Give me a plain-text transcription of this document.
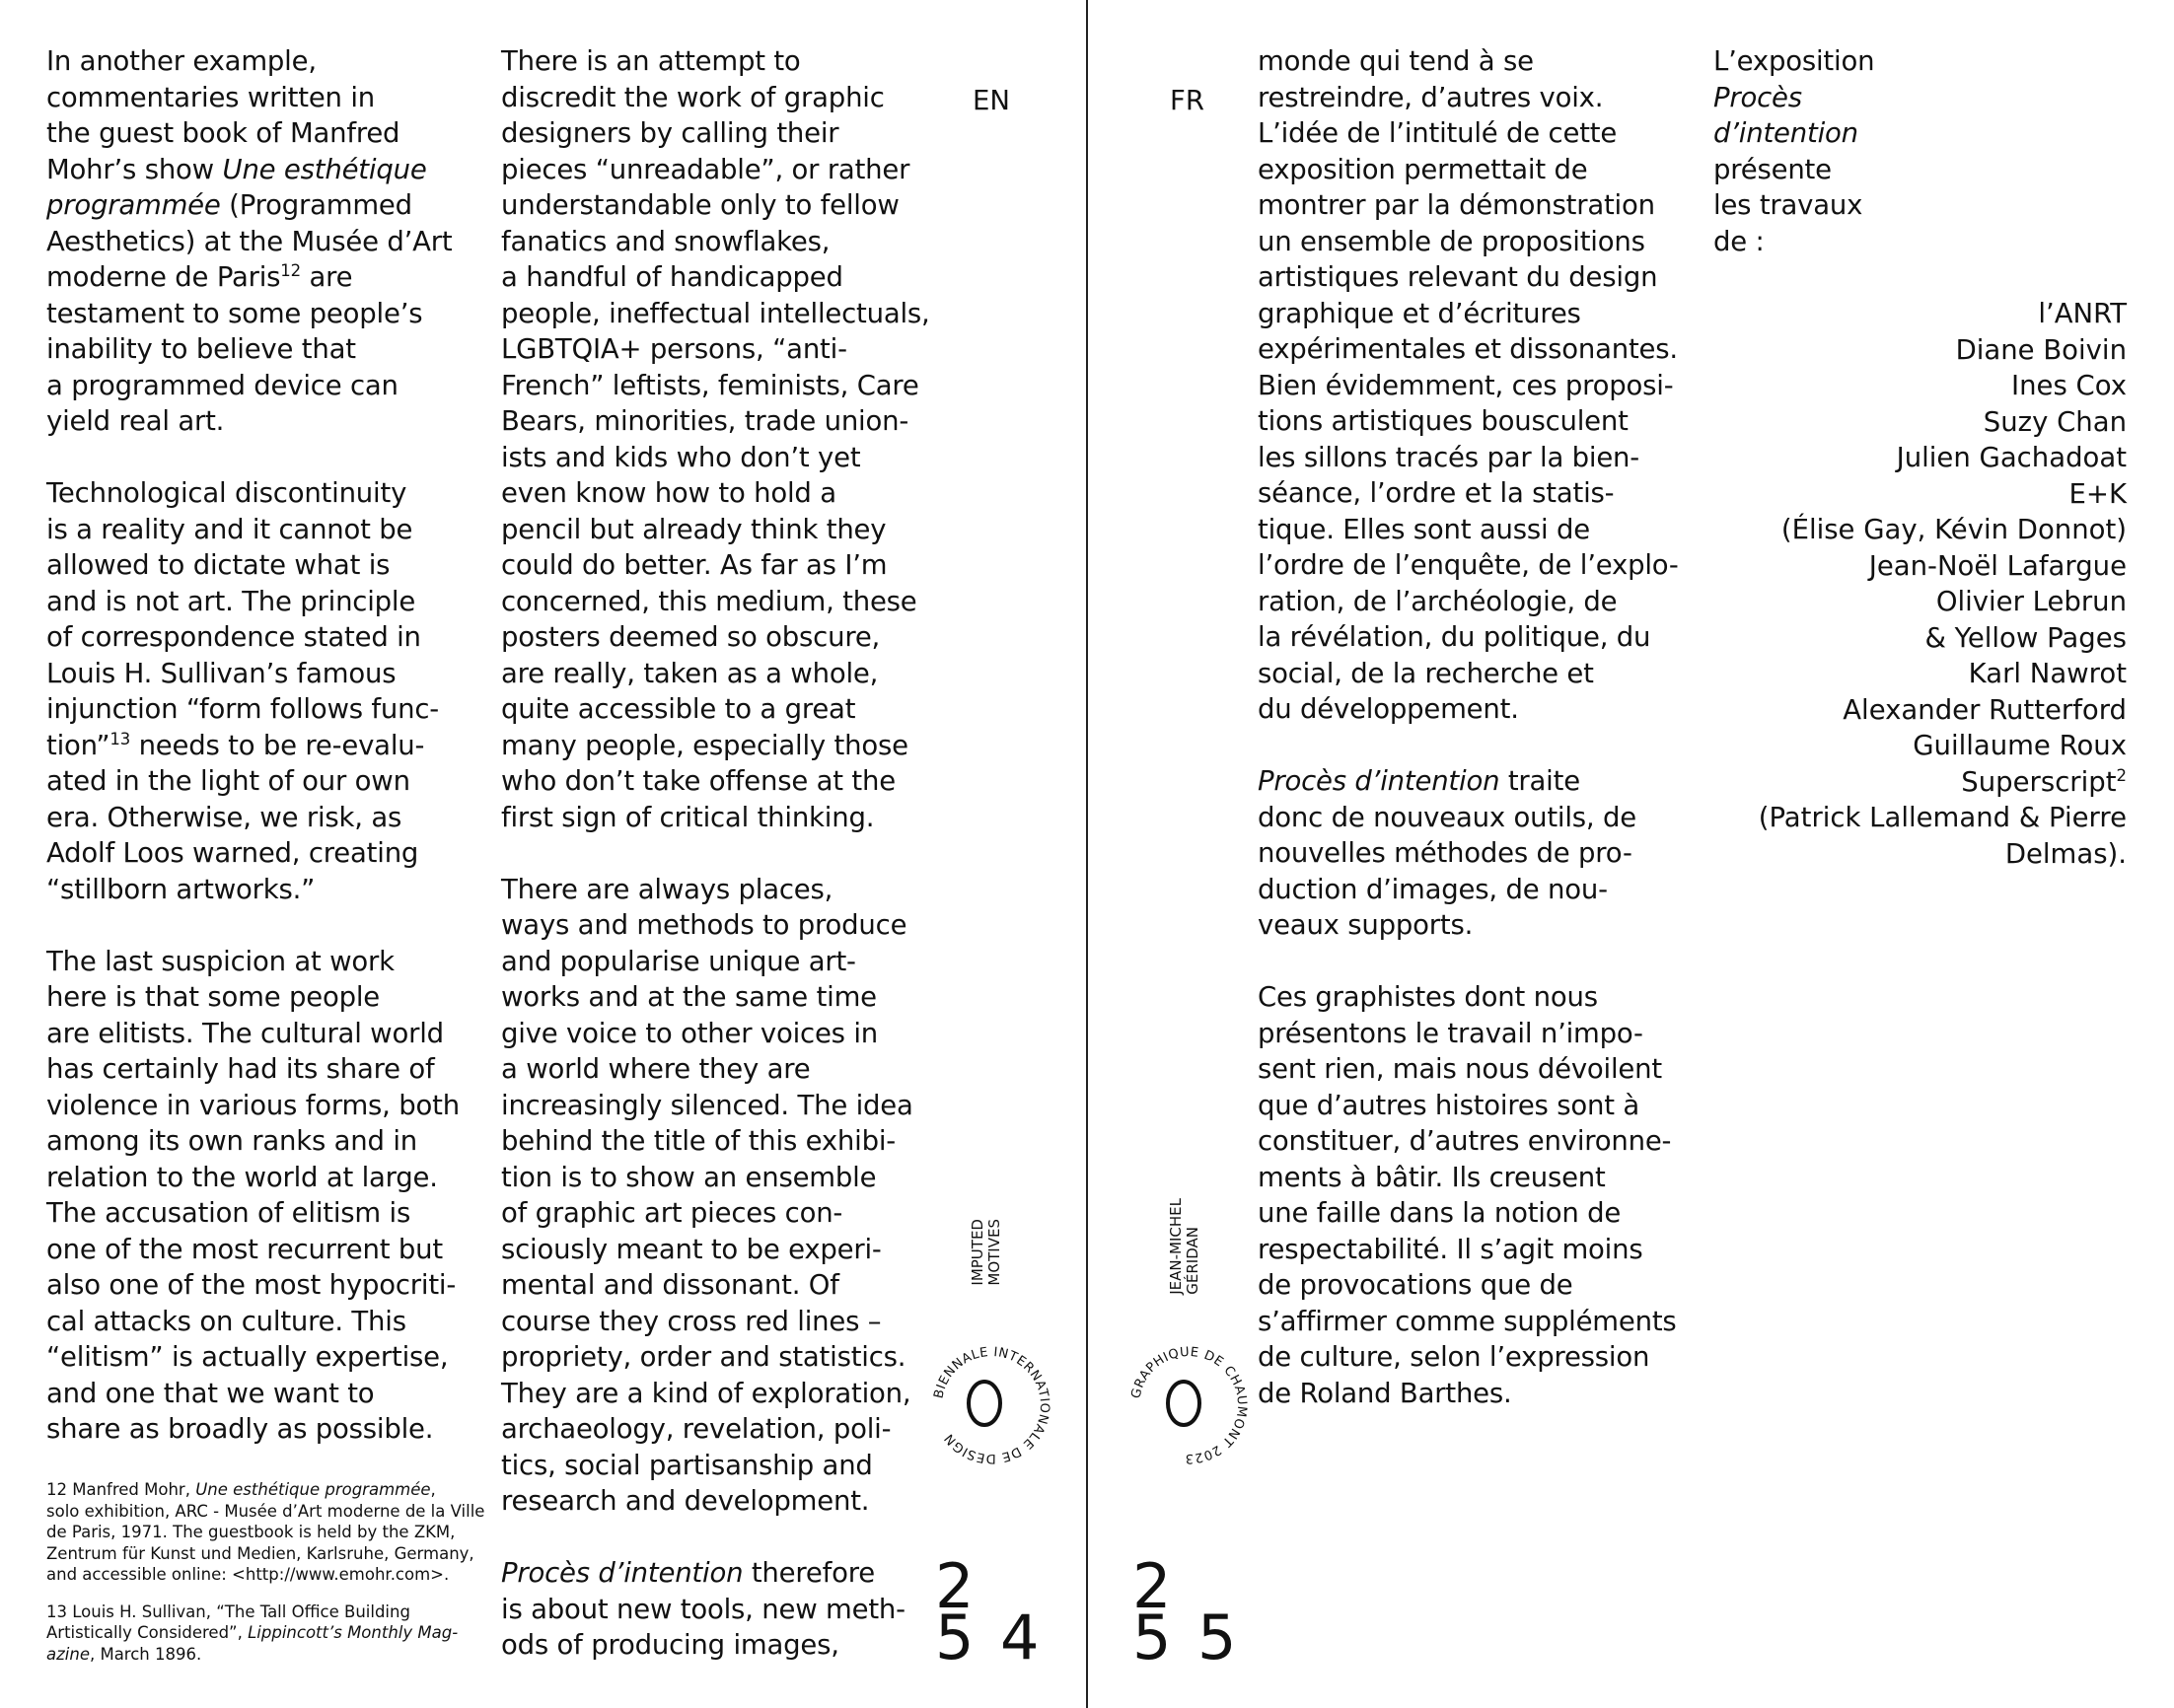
In another example,
commentaries written in
the guest book of Manfred
Mohr’s show Une esthétique
programmée (Programmed
Aesthetics) at the Musée d’Art
moderne de Paris$^{12}$ are
testament to some people’s
inability to believe that
a programmed device can
yield real art.

Technological discontinuity
is a reality and it cannot be
allowed to dictate what is
and is not art. The principle
of correspondence stated in
Louis H. Sullivan’s famous
injunction “form follows func-
tion”$^{13}$ needs to be re-evalu-
ated in the light of our own
era. Otherwise, we risk, as
Adolf Loos warned, creating
“stillborn artworks.”

The last suspicion at work
here is that some people
are elitists. The cultural world
has certainly had its share of
violence in various forms, both
among its own ranks and in
relation to the world at large.
The accusation of elitism is
one of the most recurrent but
also one of the most hypocriti-
cal attacks on culture. This
“elitism” is actually expertise,
and one that we want to
share as broadly as possible.

12 Manfred Mohr, Une esthétique programmée,
solo exhibition, ARC - Musée d’Art moderne de la Ville
de Paris, 1971. The guestbook is held by the ZKM,
Zentrum für Kunst und Medien, Karlsruhe, Germany,
and accessible online: <http://www.emohr.com>.

13 Louis H. Sullivan, “The Tall Office Building
Artistically Considered”, Lippincott’s Monthly Mag-
azine, March 1896.

There is an attempt to
discredit the work of graphic
designers by calling their
pieces “unreadable”, or rather
understandable only to fellow
fanatics and snowflakes,
a handful of handicapped
people, ineffectual intellectuals,
LGBTQIA+ persons, “anti-
French” leftists, feminists, Care
Bears, minorities, trade union-
ists and kids who don’t yet
even know how to hold a
pencil but already think they
could do better. As far as I’m
concerned, this medium, these
posters deemed so obscure,
are really, taken as a whole,
quite accessible to a great
many people, especially those
who don’t take offense at the
first sign of critical thinking.

There are always places,
ways and methods to produce
and popularise unique art-
works and at the same time
give voice to other voices in
a world where they are
increasingly silenced. The idea
behind the title of this exhibi-
tion is to show an ensemble
of graphic art pieces con-
sciously meant to be experi-
mental and dissonant. Of
course they cross red lines –
propriety, order and statistics.
They are a kind of exploration,
archaeology, revelation, poli-
tics, social partisanship and
research and development.

Procès d’intention therefore
is about new tools, new meth-
ods of producing images,

EN
IMPUTED MOTIVES
BIENNALE INTERNATIONALE DE DESIGN
2
5 4
FR
JEAN-MICHEL GÉRIDAN
GRAPHIQUE DE CHAUMONT 2023
2
5 5

monde qui tend à se
restreindre, d’autres voix.
L’idée de l’intitulé de cette
exposition permettait de
montrer par la démonstration
un ensemble de propositions
artistiques relevant du design
graphique et d’écritures
expérimentales et dissonantes.
Bien évidemment, ces proposi-
tions artistiques bousculent
les sillons tracés par la bien-
séance, l’ordre et la statis-
tique. Elles sont aussi de
l’ordre de l’enquête, de l’explo-
ration, de l’archéologie, de
la révélation, du politique, du
social, de la recherche et
du développement.

Procès d’intention traite
donc de nouveaux outils, de
nouvelles méthodes de pro-
duction d’images, de nou-
veaux supports.

Ces graphistes dont nous
présentons le travail n’impo-
sent rien, mais nous dévoilent
que d’autres histoires sont à
constituer, d’autres environne-
ments à bâtir. Ils creusent
une faille dans la notion de
respectabilité. Il s’agit moins
de provocations que de
s’affirmer comme suppléments
de culture, selon l’expression
de Roland Barthes.

L’exposition
Procès
d’intention
présente
les travaux
de :

l’ANRT
Diane Boivin
Ines Cox
Suzy Chan
Julien Gachadoat
E+K
(Élise Gay, Kévin Donnot)
Jean-Noël Lafargue
Olivier Lebrun
& Yellow Pages
Karl Nawrot
Alexander Rutterford
Guillaume Roux
Superscript$^2$
(Patrick Lallemand & Pierre
Delmas).
